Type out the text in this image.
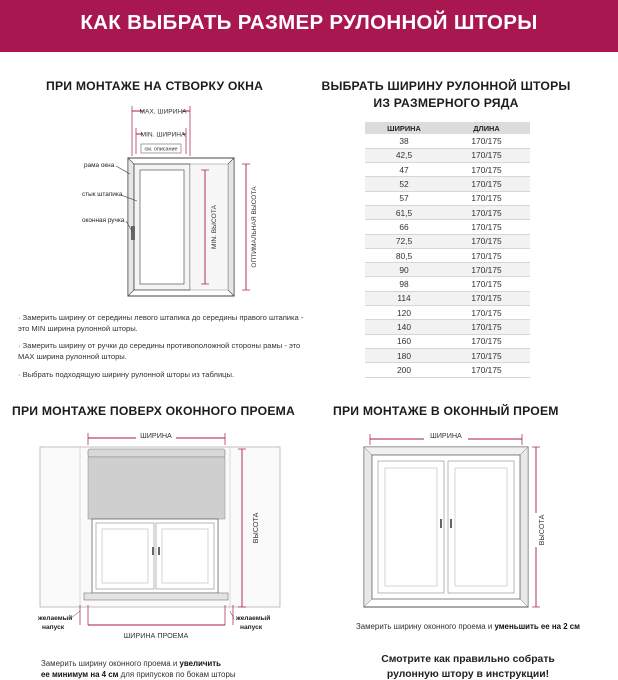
КАК ВЫБРАТЬ РАЗМЕР РУЛОННОЙ ШТОРЫ
ПРИ МОНТАЖЕ НА СТВОРКУ ОКНА
MAX. ШИРИНА
MIN. ШИРИНА
см. описание
MIN. ВЫСОТА	ОПТИМАЛЬНАЯ ВЫСОТА
рама окна
стык штапика
оконная ручка
· Замерить ширину от середины левого штапика до середины правого штапика - это MIN ширина рулонной шторы.
· Замерить ширину от ручки до середины противоположной стороны рамы - это MAX ширина рулонной шторы.
· Выбрать подходящую ширину рулонной шторы из таблицы.
ВЫБРАТЬ ШИРИНУ РУЛОННОЙ ШТОРЫ
ИЗ РАЗМЕРНОГО РЯДА
ШИРИНА	ДЛИНА
38	170/175
42,5	170/175
47	170/175
52	170/175
57	170/175
61,5	170/175
66	170/175
72,5	170/175
80,5	170/175
90	170/175
98	170/175
114	170/175
120	170/175
140	170/175
160	170/175
180	170/175
200	170/175
ПРИ МОНТАЖЕ ПОВЕРХ ОКОННОГО ПРОЕМА
ШИРИНА
ВЫСОТА
ШИРИНА ПРОЕМА
желаемый
напуск
желаемый
напуск
Замерить ширину оконного проема и увеличить
ее минимум на 4 см для припусков по бокам шторы
ПРИ МОНТАЖЕ В ОКОННЫЙ ПРОЕМ
ШИРИНА
ВЫСОТА
Замерить ширину оконного проема и уменьшить ее на 2 см
Смотрите как правильно собрать
рулонную штору в инструкции!
